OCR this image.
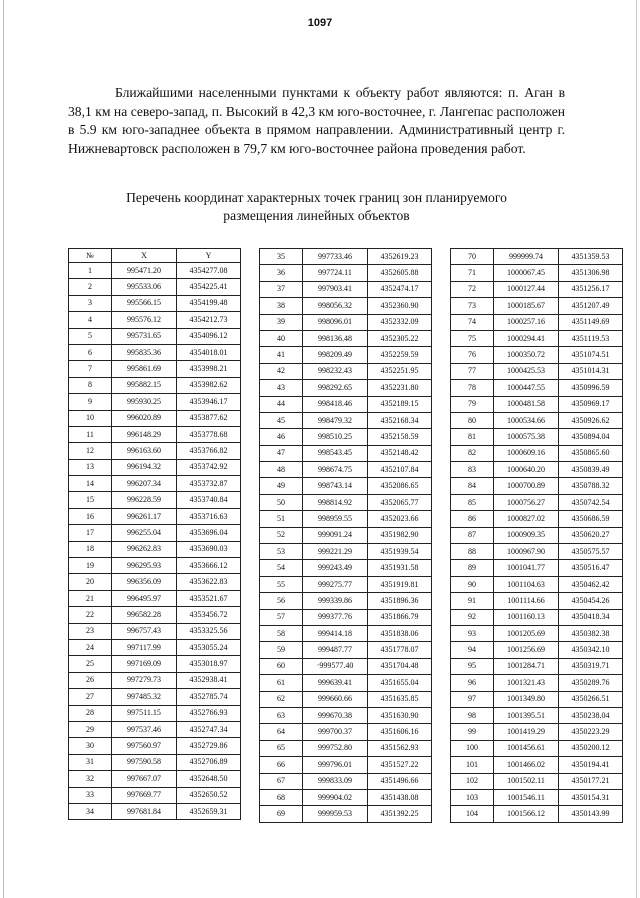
1097
Ближайшими населенными пунктами к объекту работ являются: п. Аган в 38,1 км на северо-запад, п. Высокий в 42,3 км юго-восточнее, г. Лангепас расположен в 5.9 км юго-западнее объекта в прямом направлении. Административный центр г. Нижневартовск расположен в 79,7 км юго-восточнее района проведения работ.
Перечень координат характерных точек границ зон планируемого
размещения линейных объектов
№	X	Y
1	995471.20	4354277.08
2	995533.06	4354225.41
3	995566.15	4354199.48
4	995576.12	4354212.73
5	995731.65	4354096.12
6	995835.36	4354018.01
7	995861.69	4353998.21
8	995882.15	4353982.62
9	995930.25	4353946.17
10	996020.89	4353877.62
11	996148.29	4353778.68
12	996163.60	4353766.82
13	996194.32	4353742.92
14	996207.34	4353732.87
15	996228.59	4353740.84
16	996261.17	4353716.63
17	996255.04	4353696.04
18	996262.83	4353690.03
19	996295.93	4353666.12
20	996356.09	4353622.83
21	996495.97	4353521.67
22	996582.28	4353456.72
23	996757.43	4353325.56
24	997117.99	4353055.24
25	997169.09	4353018.97
26	997279.73	4352938.41
27	997485.32	4352785.74
28	997511.15	4352766.93
29	997537.46	4352747.34
30	997560.97	4352729.86
31	997590.58	4352706.89
32	997667.07	4352648.50
33	997669.77	4352650.52
34	997681.84	4352659.31
35	997733.46	4352619.23
36	997724.11	4352605.88
37	997903.41	4352474.17
38	998056.32	4352360.90
39	998096.01	4352332.09
40	998136.48	4352305.22
41	998209.49	4352259.59
42	998232.43	4352251.95
43	998292.65	4352231.80
44	998418.46	4352189.15
45	998479.32	4352168.34
46	998510.25	4352158.59
47	998543.45	4352148.42
48	998674.75	4352107.84
49	998743.14	4352086.65
50	998814.92	4352065.77
51	998959.55	4352023.66
52	999091.24	4351982.90
53	999221.29	4351939.54
54	999243.49	4351931.58
55	999275.77	4351919.81
56	999339.86	4351896.36
57	999377.76	4351866.79
58	999414.18	4351838.06
59	999487.77	4351778.07
60	·999577.40	4351704.48
61	999639.41	4351655.04
62	999660.66	4351635.85
63	999670.38	4351630.90
64	999700.37	4351606.16
65	999752.80	4351562.93
66	999796.01	4351527.22
67	999833.09	4351496.66
68	999904.02	4351438.08
69	999959.53	4351392.25
70	999999.74	4351359.53
71	1000067.45	4351306.98
72	1000127.44	4351256.17
73	1000185.67	4351207.49
74	1000257.16	4351149.69
75	1000294.41	4351119.53
76	1000350.72	4351074.51
77	1000425.53	4351014.31
78	1000447.55	4350996.59
79	1000481.58	4350969.17
80	1000534.66	4350926.62
81	1000575.38	4350894.04
82	1000609.16	4350865.60
83	1000640.20	4350839.49
84	1000700.89	4350788.32
85	1000756.27	4350742.54
86	1000827.02	4350686.59
87	1000909.35	4350620.27
88	1000967.90	4350575.57
89	1001041.77	4350516.47
90	1001104.63	4350462.42
91	1001114.66	4350454.26
92	1001160.13	4350418.34
93	1001205.69	4350382.38
94	1001256.69	4350342.10
95	1001284.71	4350319.71
96	1001321.43	4350289.76
97	1001349.80	4350266.51
98	1001395.51	4350238.04
99	1001419.29	4350223.29
100	1001456.61	4350200.12
101	1001466.02	4350194.41
102	1001502.11	4350177.21
103	1001546.11	4350154.31
104	1001566.12	4350143.99
